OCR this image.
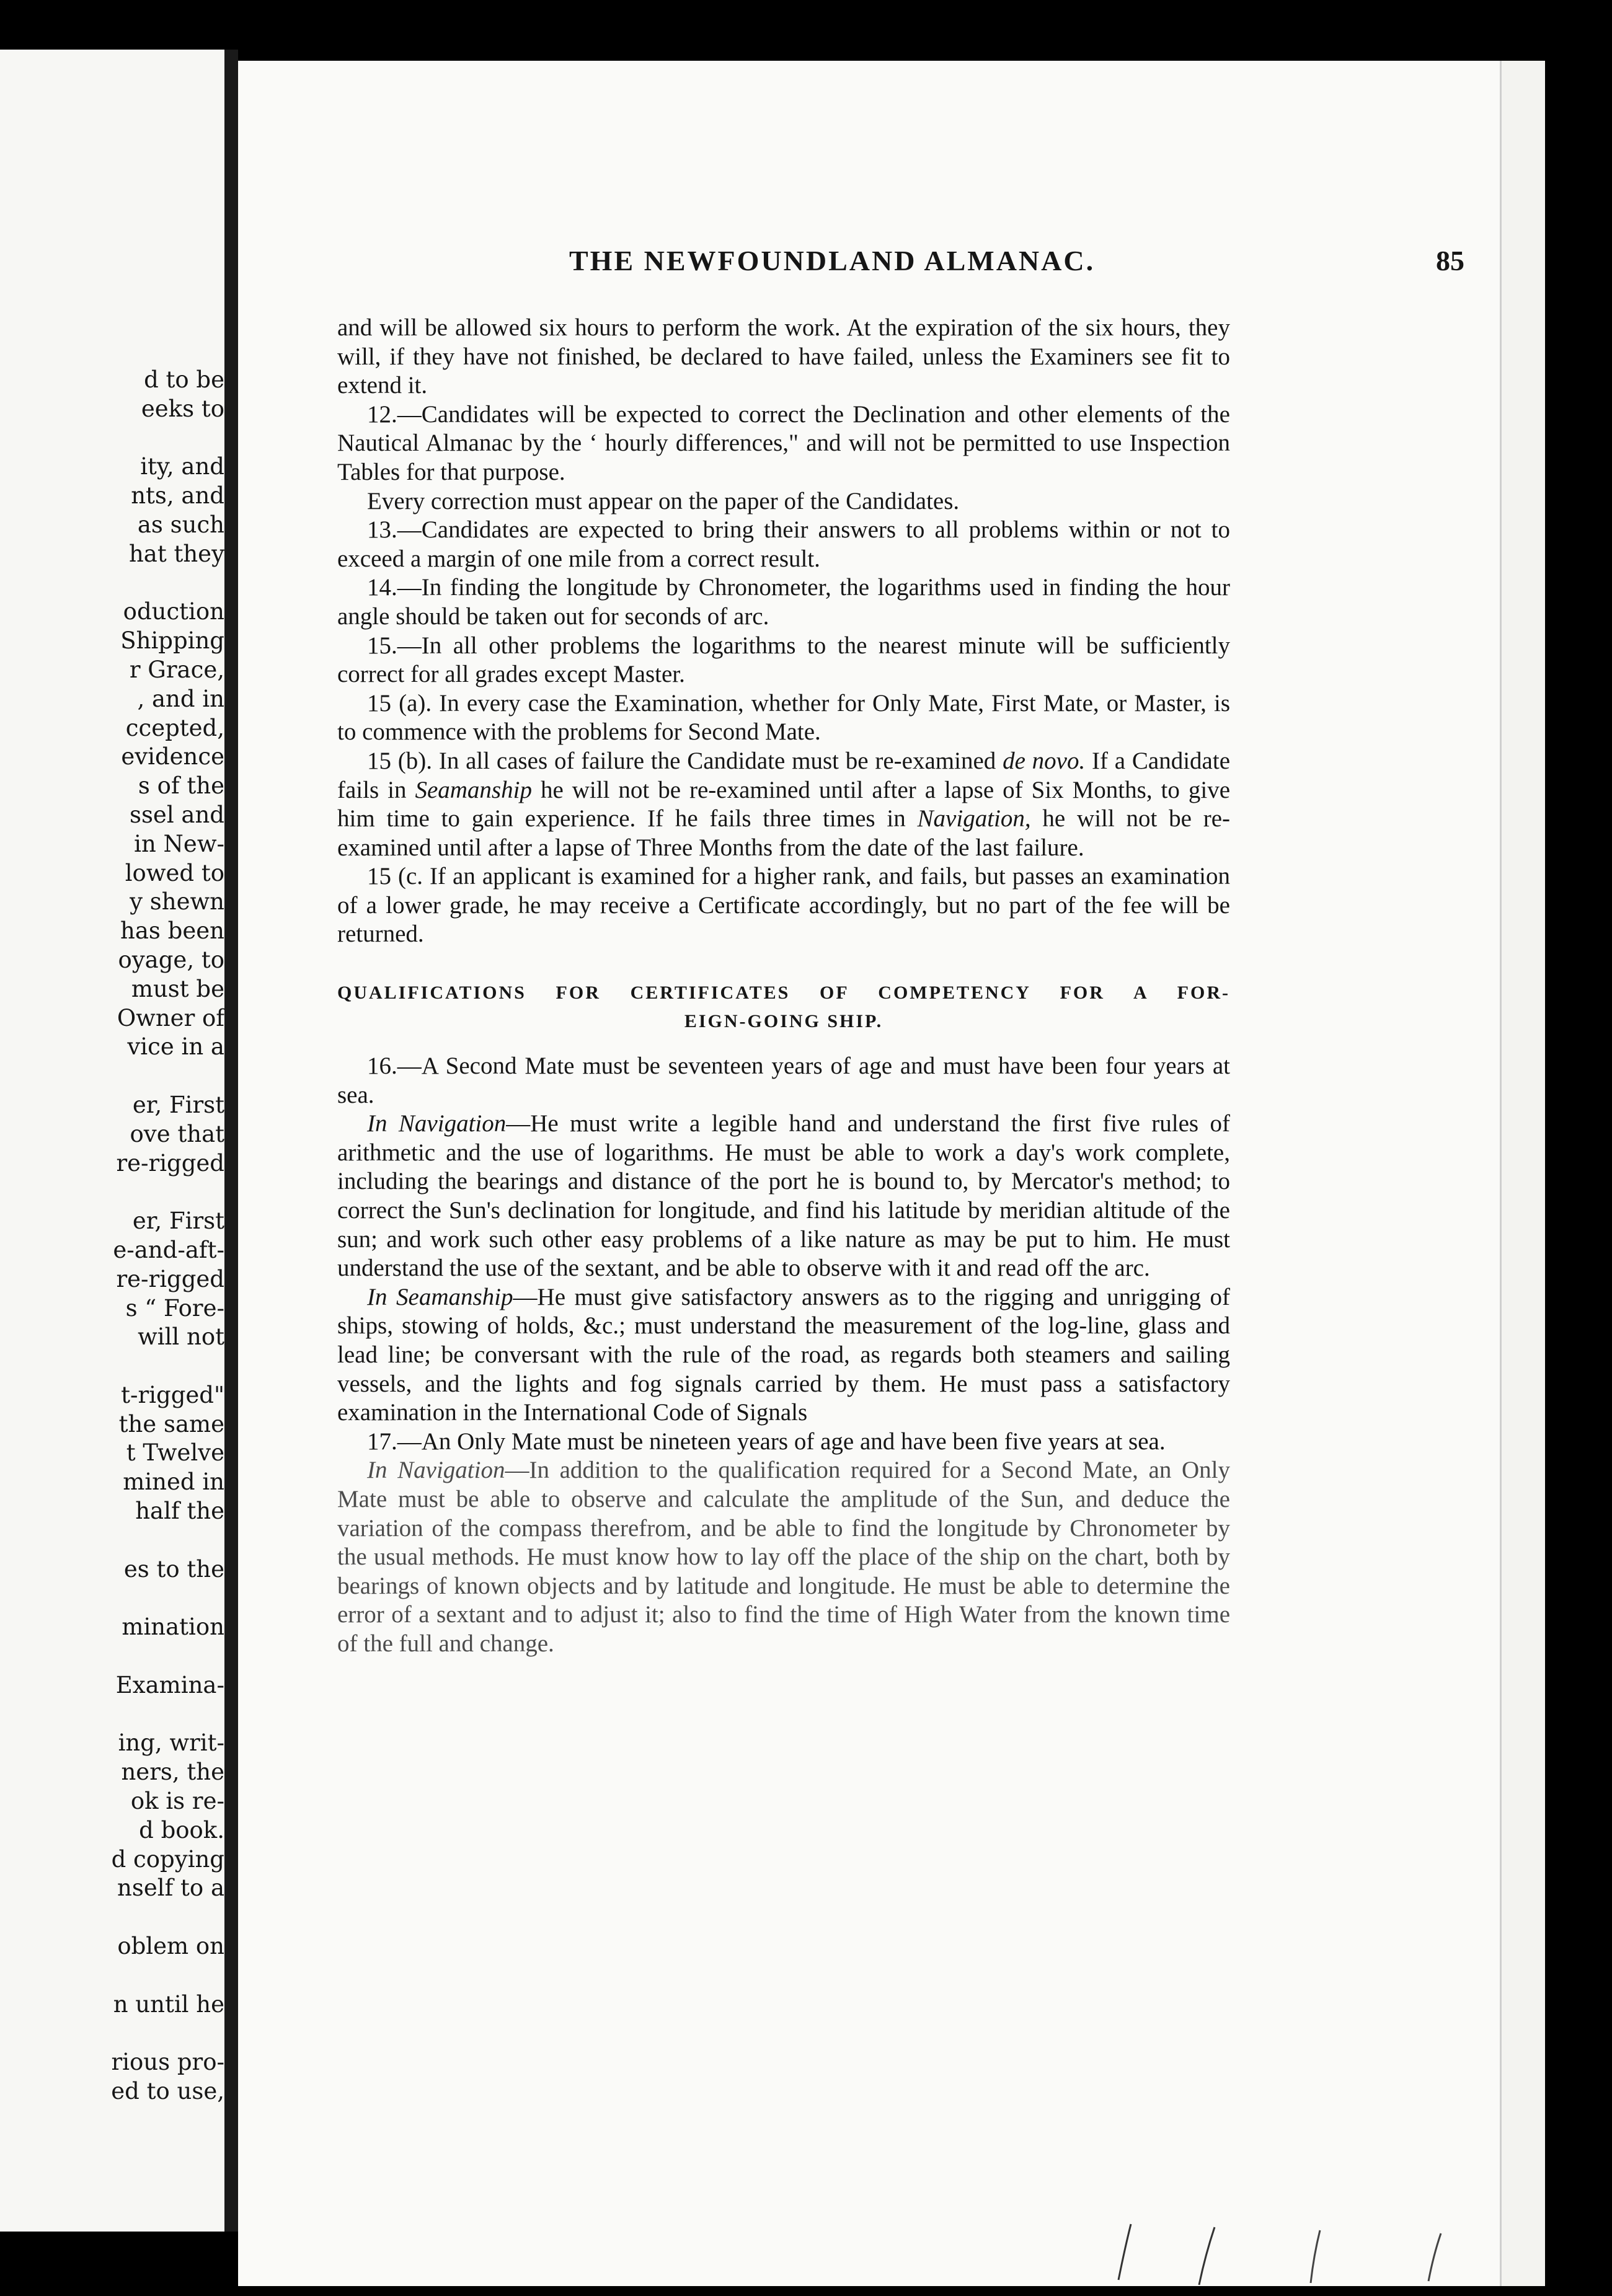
d to be
eeks to
ity, and
nts, and
as such
hat they
oduction
Shipping
r Grace,
, and in
ccepted,
evidence
s of the
ssel and
in New-
lowed to
y shewn
has been
oyage, to
must be
Owner of
vice in a
er, First
ove that
re-rigged
er, First
e-and-aft-
re-rigged
s “ Fore-
will not
t-rigged"
the same
t Twelve
mined in
half the
es to the
mination
Examina-
ing, writ-
ners, the
ok is re-
d book.
d copying
nself to a
oblem on
n until he
rious pro-
ed to use,
THE NEWFOUNDLAND ALMANAC.	85

and will be allowed six hours to perform the work. At the expiration of the six hours, they will, if they have not finished, be declared to have failed, unless the Examiners see fit to extend it.

12.—Candidates will be expected to correct the Declination and other elements of the Nautical Almanac by the ‘ hourly differences," and will not be permitted to use Inspection Tables for that purpose.

Every correction must appear on the paper of the Candidates.

13.—Candidates are expected to bring their answers to all problems within or not to exceed a margin of one mile from a correct result.

14.—In finding the longitude by Chronometer, the logarithms used in finding the hour angle should be taken out for seconds of arc.

15.—In all other problems the logarithms to the nearest minute will be sufficiently correct for all grades except Master.

15 (a). In every case the Examination, whether for Only Mate, First Mate, or Master, is to commence with the problems for Second Mate.

15 (b). In all cases of failure the Candidate must be re-examined de novo. If a Candidate fails in Seamanship he will not be re-examined until after a lapse of Six Months, to give him time to gain experience. If he fails three times in Navigation, he will not be re-examined until after a lapse of Three Months from the date of the last failure.

15 (c. If an applicant is examined for a higher rank, and fails, but passes an examination of a lower grade, he may receive a Certificate accordingly, but no part of the fee will be returned.

QUALIFICATIONS FOR CERTIFICATES OF COMPETENCY FOR A FOR-
EIGN-GOING SHIP.

16.—A Second Mate must be seventeen years of age and must have been four years at sea.

In Navigation—He must write a legible hand and understand the first five rules of arithmetic and the use of logarithms. He must be able to work a day's work complete, including the bearings and distance of the port he is bound to, by Mercator's method; to correct the Sun's declination for longitude, and find his latitude by meridian altitude of the sun; and work such other easy problems of a like nature as may be put to him. He must understand the use of the sextant, and be able to observe with it and read off the arc.

In Seamanship—He must give satisfactory answers as to the rigging and unrigging of ships, stowing of holds, &c.; must understand the measurement of the log-line, glass and lead line; be conversant with the rule of the road, as regards both steamers and sailing vessels, and the lights and fog signals carried by them. He must pass a satisfactory examination in the International Code of Signals

17.—An Only Mate must be nineteen years of age and have been five years at sea.

In Navigation—In addition to the qualification required for a Second Mate, an Only Mate must be able to observe and calculate the amplitude of the Sun, and deduce the variation of the compass therefrom, and be able to find the longitude by Chronometer by the usual methods. He must know how to lay off the place of the ship on the chart, both by bearings of known objects and by latitude and longitude. He must be able to determine the error of a sextant and to adjust it; also to find the time of High Water from the known time of the full and change.
